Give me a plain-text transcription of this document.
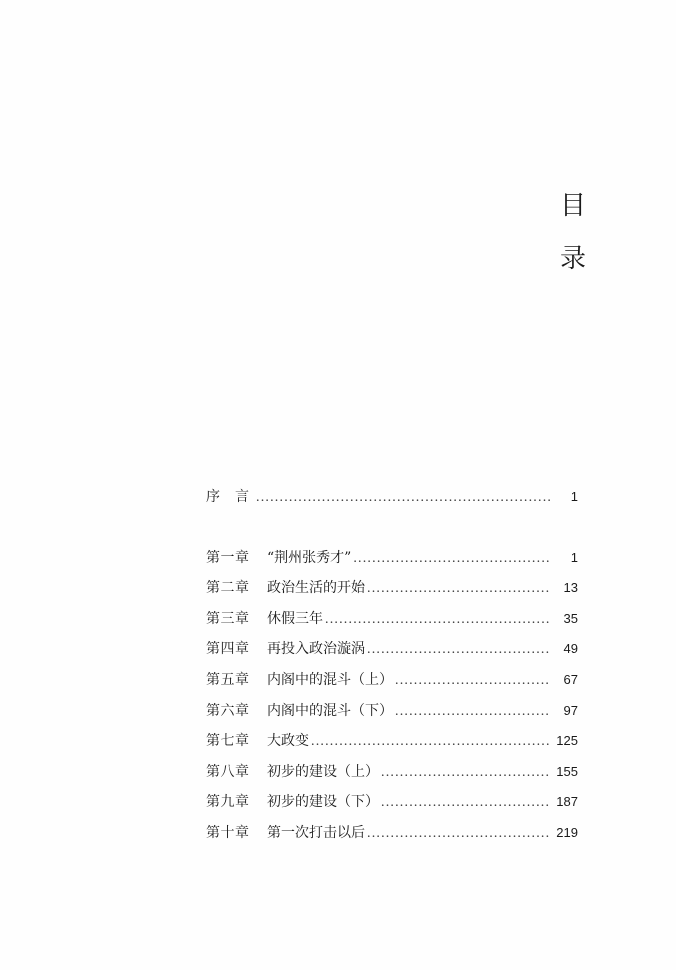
目
录
序　言 .....	1
第一章	“荆州张秀才” .....	1
第二章	政治生活的开始 .....	13
第三章	休假三年 .....	35
第四章	再投入政治漩涡 .....	49
第五章	内阁中的混斗（上） .....	67
第六章	内阁中的混斗（下） .....	97
第七章	大政变 .....	125
第八章	初步的建设（上） .....	155
第九章	初步的建设（下） .....	187
第十章	第一次打击以后 .....	219
